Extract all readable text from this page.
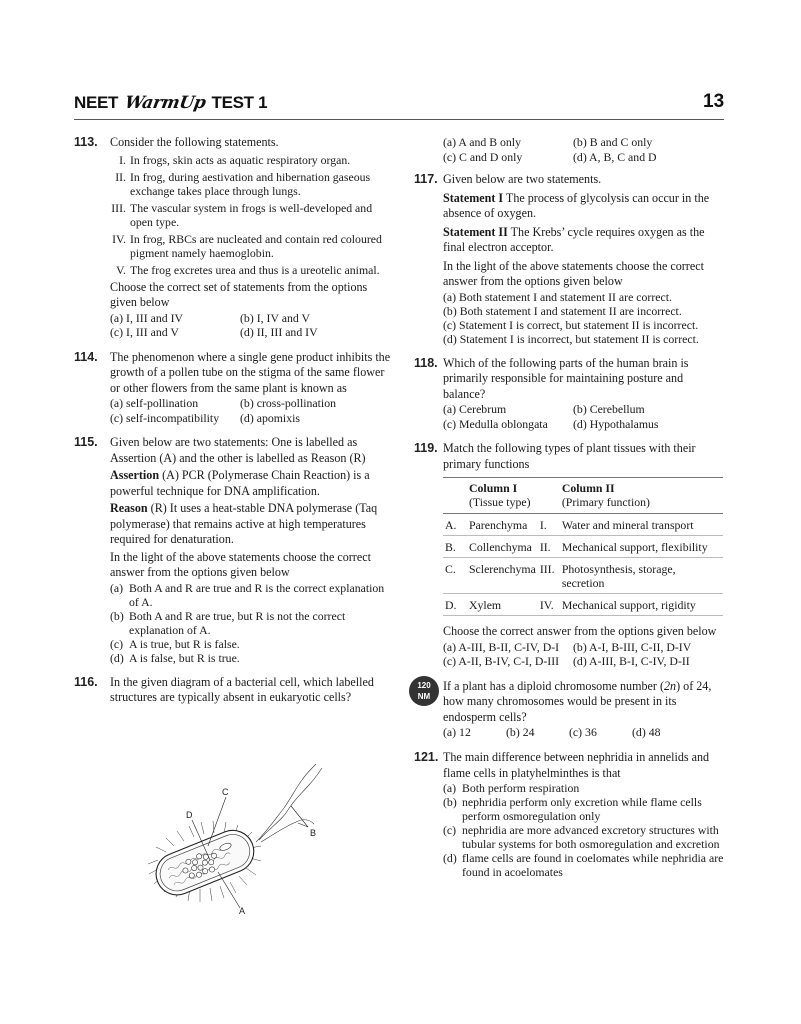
NEET WarmUp TEST 1	13
113. Consider the following statements.
I. In frogs, skin acts as aquatic respiratory organ.
II. In frog, during aestivation and hibernation gaseous exchange takes place through lungs.
III. The vascular system in frogs is well-developed and open type.
IV. In frog, RBCs are nucleated and contain red coloured pigment namely haemoglobin.
V. The frog excretes urea and thus is a ureotelic animal.
Choose the correct set of statements from the options given below
(a) I, III and IV	(b) I, IV and V
(c) I, III and V	(d) II, III and IV
114. The phenomenon where a single gene product inhibits the growth of a pollen tube on the stigma of the same flower or other flowers from the same plant is known as
(a) self-pollination	(b) cross-pollination
(c) self-incompatibility	(d) apomixis
115. Given below are two statements: One is labelled as Assertion (A) and the other is labelled as Reason (R)
Assertion (A) PCR (Polymerase Chain Reaction) is a powerful technique for DNA amplification.
Reason (R) It uses a heat-stable DNA polymerase (Taq polymerase) that remains active at high temperatures required for denaturation.
In the light of the above statements choose the correct answer from the options given below
(a) Both A and R are true and R is the correct explanation of A.
(b) Both A and R are true, but R is not the correct explanation of A.
(c) A is true, but R is false.
(d) A is false, but R is true.
116. In the given diagram of a bacterial cell, which labelled structures are typically absent in eukaryotic cells?
C
D
B
A
(a) A and B only	(b) B and C only
(c) C and D only	(d) A, B, C and D
117. Given below are two statements.
Statement I The process of glycolysis can occur in the absence of oxygen.
Statement II The Krebs’ cycle requires oxygen as the final electron acceptor.
In the light of the above statements choose the correct answer from the options given below
(a) Both statement I and statement II are correct.
(b) Both statement I and statement II are incorrect.
(c) Statement I is correct, but statement II is incorrect.
(d) Statement I is incorrect, but statement II is correct.
118. Which of the following parts of the human brain is primarily responsible for maintaining posture and balance?
(a) Cerebrum	(b) Cerebellum
(c) Medulla oblongata	(d) Hypothalamus
119. Match the following types of plant tissues with their primary functions
	Column I		Column II
	(Tissue type)		(Primary function)
A.	Parenchyma	I.	Water and mineral transport
B.	Collenchyma	II.	Mechanical support, flexibility
C.	Sclerenchyma	III.	Photosynthesis, storage, secretion
D.	Xylem	IV.	Mechanical support, rigidity
Choose the correct answer from the options given below
(a) A-III, B-II, C-IV, D-I	(b) A-I, B-III, C-II, D-IV
(c) A-II, B-IV, C-I, D-III	(d) A-III, B-I, C-IV, D-II
120
NM
If a plant has a diploid chromosome number (2n) of 24, how many chromosomes would be present in its endosperm cells?
(a) 12	(b) 24	(c) 36	(d) 48
121. The main difference between nephridia in annelids and flame cells in platyhelminthes is that
(a) Both perform respiration
(b) nephridia perform only excretion while flame cells perform osmoregulation only
(c) nephridia are more advanced excretory structures with tubular systems for both osmoregulation and excretion
(d) flame cells are found in coelomates while nephridia are found in acoelomates
